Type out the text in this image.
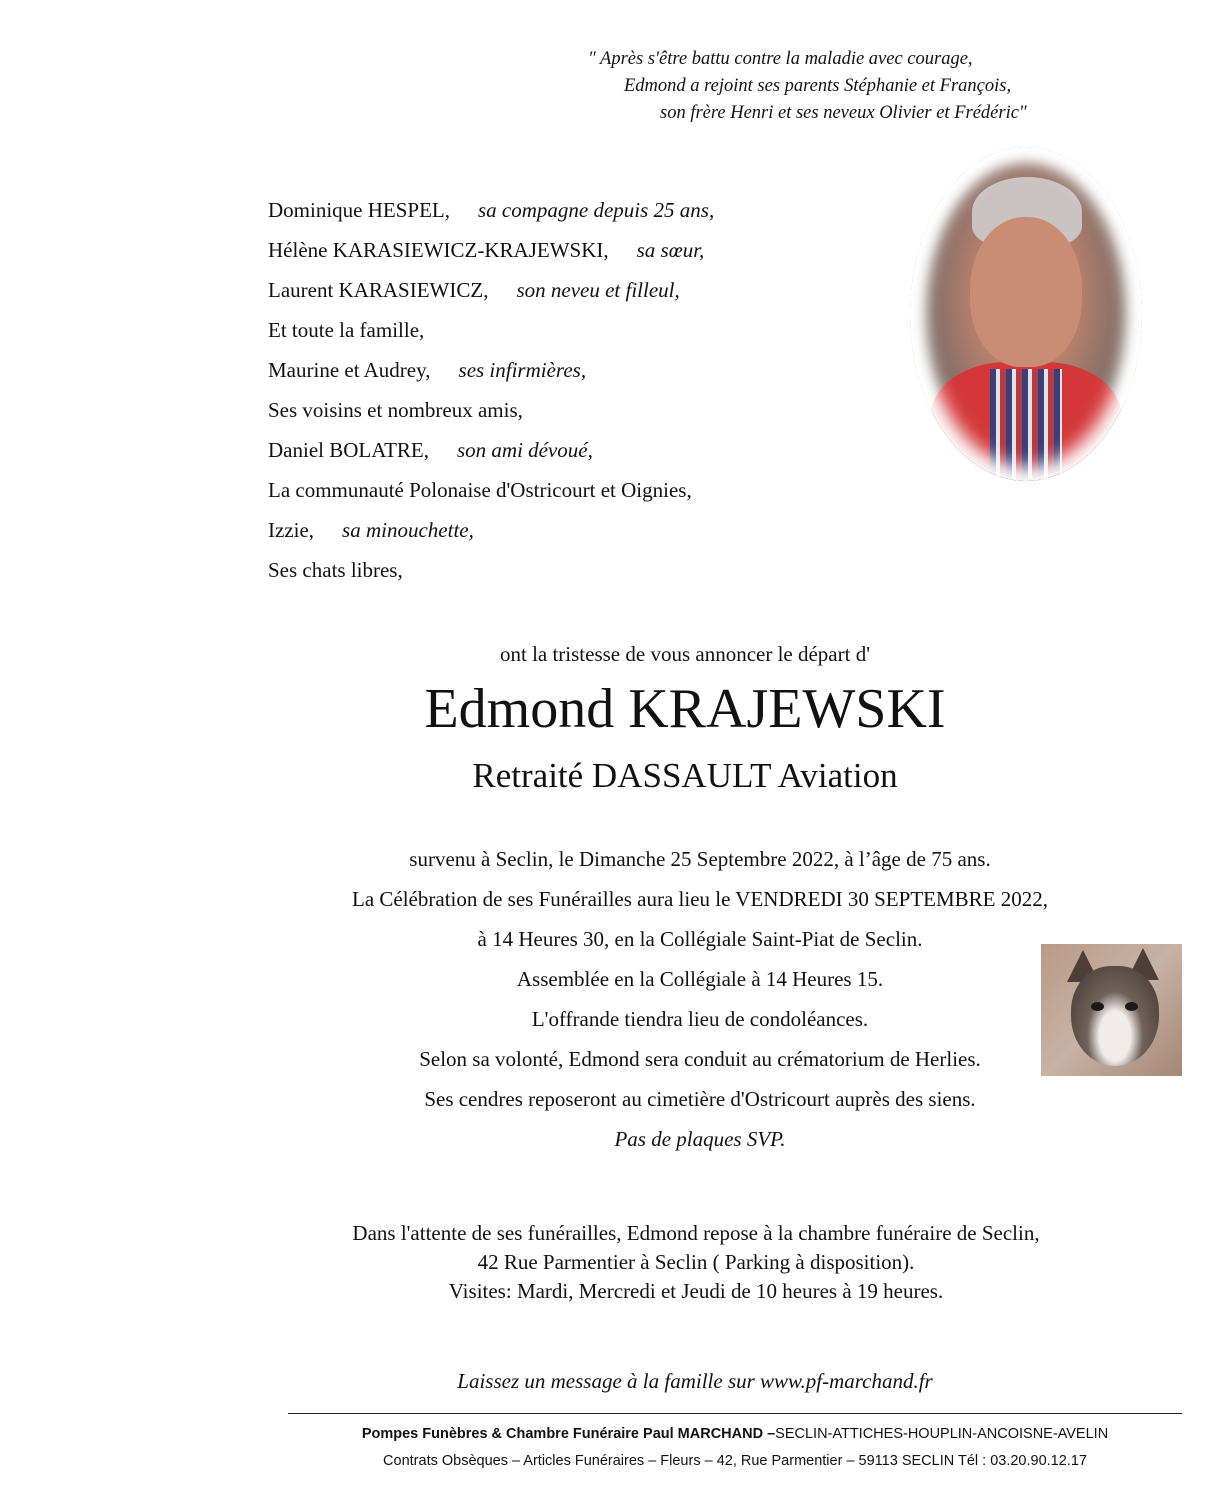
" Après s'être battu contre la maladie avec courage,
Edmond a rejoint ses parents Stéphanie et François,
son frère Henri et ses neveux Olivier et Frédéric"
Dominique HESPEL, sa compagne depuis 25 ans,
Hélène KARASIEWICZ-KRAJEWSKI, sa sœur,
Laurent KARASIEWICZ, son neveu et filleul,
Et toute la famille,
Maurine et Audrey, ses infirmières,
Ses voisins et nombreux amis,
Daniel BOLATRE, son ami dévoué,
La communauté Polonaise d'Ostricourt et Oignies,
Izzie, sa minouchette,
Ses chats libres,
ont la tristesse de vous annoncer le départ d'
Edmond KRAJEWSKI
Retraité DASSAULT Aviation
survenu à Seclin, le Dimanche 25 Septembre 2022, à l’âge de 75 ans.
La Célébration de ses Funérailles aura lieu le VENDREDI 30 SEPTEMBRE 2022,
à 14 Heures 30, en la Collégiale Saint-Piat de Seclin.
Assemblée en la Collégiale à 14 Heures 15.
L'offrande tiendra lieu de condoléances.
Selon sa volonté, Edmond sera conduit au crématorium de Herlies.
Ses cendres reposeront au cimetière d'Ostricourt auprès des siens.
Pas de plaques SVP.
Dans l'attente de ses funérailles, Edmond repose à la chambre funéraire de Seclin,
42 Rue Parmentier à Seclin ( Parking à disposition).
Visites: Mardi, Mercredi et Jeudi de 10 heures à 19 heures.
Laissez un message à la famille sur www.pf-marchand.fr
Pompes Funèbres & Chambre Funéraire Paul MARCHAND –SECLIN-ATTICHES-HOUPLIN-ANCOISNE-AVELIN
Contrats Obsèques – Articles Funéraires – Fleurs – 42, Rue Parmentier – 59113 SECLIN Tél : 03.20.90.12.17
